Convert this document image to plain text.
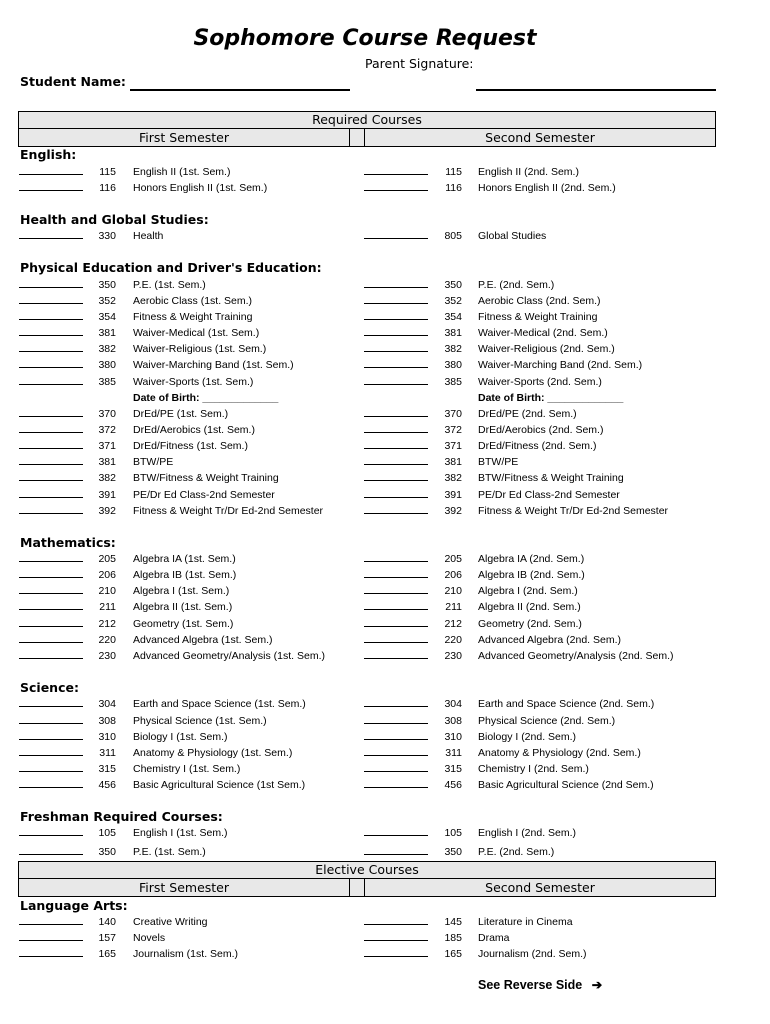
Sophomore Course Request
Parent Signature:
Student Name:
Required Courses
First Semester	Second Semester
Elective Courses
First Semester	Second Semester
English:
115 English II (1st. Sem.)	115 English II (2nd. Sem.)
116 Honors English II (1st. Sem.)	116 Honors English II (2nd. Sem.)
Health and Global Studies:
330 Health	805 Global Studies
Physical Education and Driver's Education:
350 P.E. (1st. Sem.)	350 P.E. (2nd. Sem.)
352 Aerobic Class (1st. Sem.)	352 Aerobic Class (2nd. Sem.)
354 Fitness & Weight Training	354 Fitness & Weight Training
381 Waiver-Medical (1st. Sem.)	381 Waiver-Medical (2nd. Sem.)
382 Waiver-Religious (1st. Sem.)	382 Waiver-Religious (2nd. Sem.)
380 Waiver-Marching Band (1st. Sem.)	380 Waiver-Marching Band (2nd. Sem.)
385 Waiver-Sports (1st. Sem.)	385 Waiver-Sports (2nd. Sem.)
Date of Birth: _____________	Date of Birth: _____________
370 DrEd/PE (1st. Sem.)	370 DrEd/PE (2nd. Sem.)
372 DrEd/Aerobics (1st. Sem.)	372 DrEd/Aerobics (2nd. Sem.)
371 DrEd/Fitness (1st. Sem.)	371 DrEd/Fitness (2nd. Sem.)
381 BTW/PE	381 BTW/PE
382 BTW/Fitness & Weight Training	382 BTW/Fitness & Weight Training
391 PE/Dr Ed Class-2nd Semester	391 PE/Dr Ed Class-2nd Semester
392 Fitness & Weight Tr/Dr Ed-2nd Semester	392 Fitness & Weight Tr/Dr Ed-2nd Semester
Mathematics:
205 Algebra IA (1st. Sem.)	205 Algebra IA (2nd. Sem.)
206 Algebra IB (1st. Sem.)	206 Algebra IB (2nd. Sem.)
210 Algebra I (1st. Sem.)	210 Algebra I (2nd. Sem.)
211 Algebra II (1st. Sem.)	211 Algebra II (2nd. Sem.)
212 Geometry (1st. Sem.)	212 Geometry (2nd. Sem.)
220 Advanced Algebra (1st. Sem.)	220 Advanced Algebra (2nd. Sem.)
230 Advanced Geometry/Analysis (1st. Sem.)	230 Advanced Geometry/Analysis (2nd. Sem.)
Science:
304 Earth and Space Science (1st. Sem.)	304 Earth and Space Science (2nd. Sem.)
308 Physical Science (1st. Sem.)	308 Physical Science (2nd. Sem.)
310 Biology I (1st. Sem.)	310 Biology I (2nd. Sem.)
311 Anatomy & Physiology (1st. Sem.)	311 Anatomy & Physiology (2nd. Sem.)
315 Chemistry I (1st. Sem.)	315 Chemistry I (2nd. Sem.)
456 Basic Agricultural Science (1st Sem.)	456 Basic Agricultural Science (2nd Sem.)
Freshman Required Courses:
105 English I (1st. Sem.)	105 English I (2nd. Sem.)
350 P.E. (1st. Sem.)	350 P.E. (2nd. Sem.)
Language Arts:
140 Creative Writing	145 Literature in Cinema
157 Novels	185 Drama
165 Journalism (1st. Sem.)	165 Journalism (2nd. Sem.)
See Reverse Side ➔
